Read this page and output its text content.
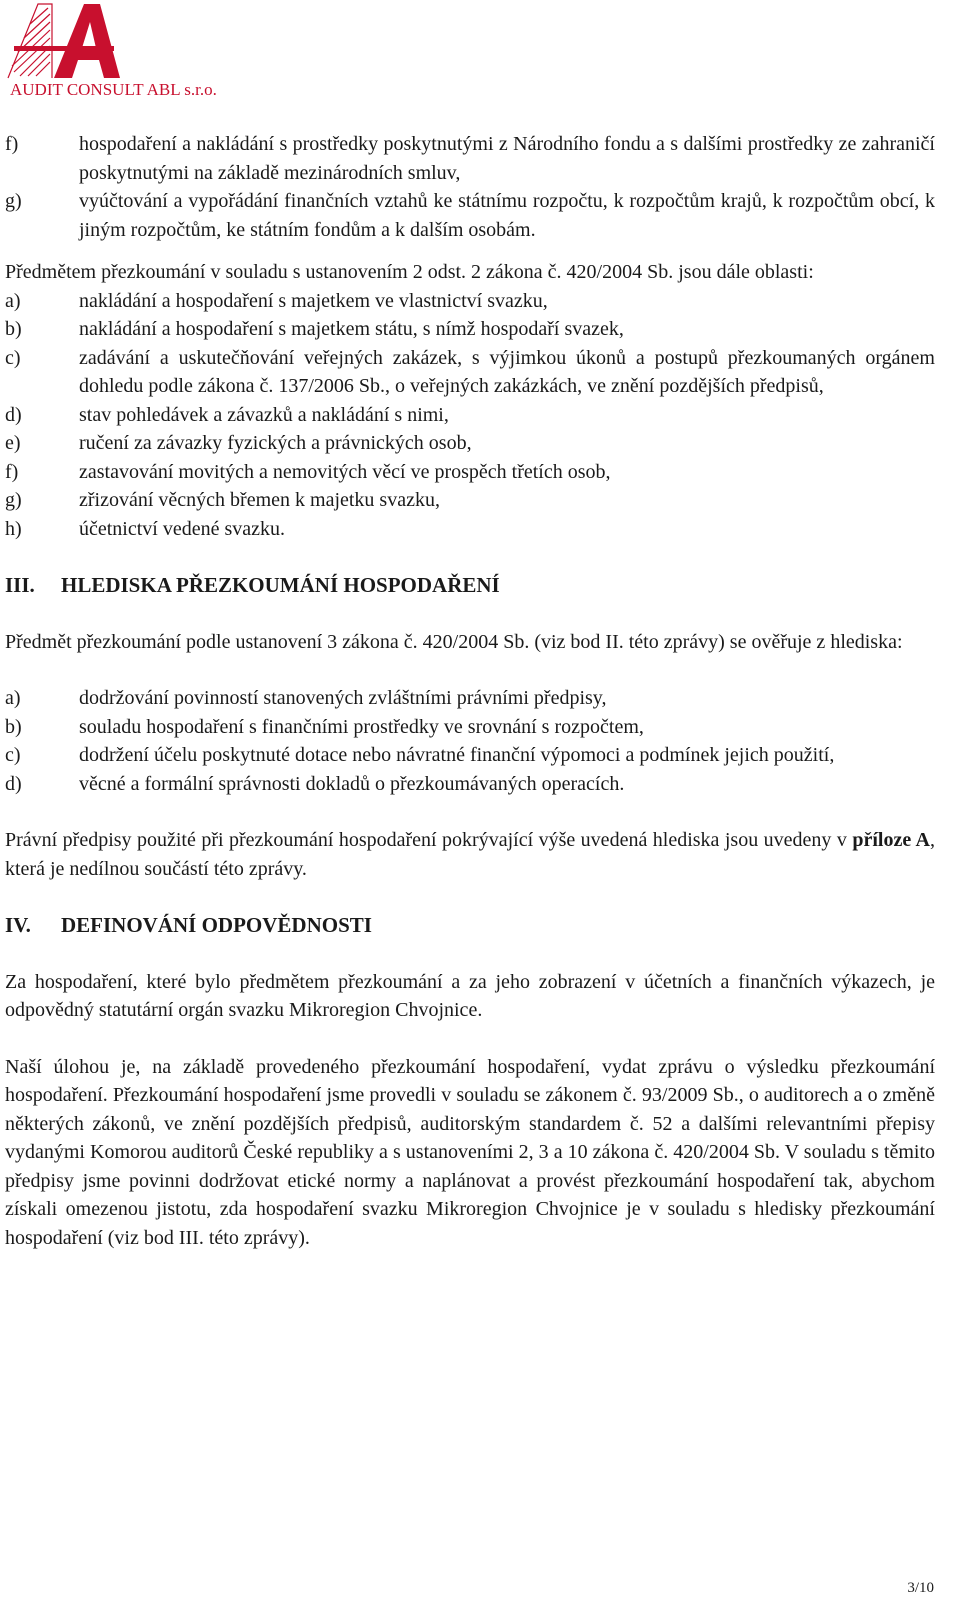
AUDIT CONSULT ABL s.r.o.
f)	hospodaření a nakládání s prostředky poskytnutými z Národního fondu a s dalšími prostředky ze zahraničí poskytnutými na základě mezinárodních smluv,
g)	vyúčtování a vypořádání finančních vztahů ke státnímu rozpočtu, k rozpočtům krajů, k rozpočtům obcí, k jiným rozpočtům, ke státním fondům a k dalším osobám.

Předmětem přezkoumání v souladu s ustanovením 2 odst. 2 zákona č. 420/2004 Sb. jsou dále oblasti:

a)	nakládání a hospodaření s majetkem ve vlastnictví svazku,
b)	nakládání a hospodaření s majetkem státu, s nímž hospodaří svazek,
c)	zadávání a uskutečňování veřejných zakázek, s výjimkou úkonů a postupů přezkoumaných orgánem dohledu podle zákona č. 137/2006 Sb., o veřejných zakázkách, ve znění pozdějších předpisů,
d)	stav pohledávek a závazků a nakládání s nimi,
e)	ručení za závazky fyzických a právnických osob,
f)	zastavování movitých a nemovitých věcí ve prospěch třetích osob,
g)	zřizování věcných břemen k majetku svazku,
h)	účetnictví vedené svazku.
III.	HLEDISKA PŘEZKOUMÁNÍ HOSPODAŘENÍ

Předmět přezkoumání podle ustanovení 3 zákona č. 420/2004 Sb. (viz bod II. této zprávy) se ověřuje z hlediska:

a)	dodržování povinností stanovených zvláštními právními předpisy,
b)	souladu hospodaření s finančními prostředky ve srovnání s rozpočtem,
c)	dodržení účelu poskytnuté dotace nebo návratné finanční výpomoci a podmínek jejich použití,
d)	věcné a formální správnosti dokladů o přezkoumávaných operacích.

Právní předpisy použité při přezkoumání hospodaření pokrývající výše uvedená hlediska jsou uvedeny v příloze A, která je nedílnou součástí této zprávy.

IV.	DEFINOVÁNÍ ODPOVĚDNOSTI

Za hospodaření, které bylo předmětem přezkoumání a za jeho zobrazení v účetních a finančních výkazech, je odpovědný statutární orgán svazku Mikroregion Chvojnice.

Naší úlohou je, na základě provedeného přezkoumání hospodaření, vydat zprávu o výsledku přezkoumání hospodaření. Přezkoumání hospodaření jsme provedli v souladu se zákonem č. 93/2009 Sb., o auditorech a o změně některých zákonů, ve znění pozdějších předpisů, auditorským standardem č. 52 a dalšími relevantními přepisy vydanými Komorou auditorů České republiky a s ustanoveními 2, 3 a 10 zákona č. 420/2004 Sb. V souladu s těmito předpisy jsme povinni dodržovat etické normy a naplánovat a provést přezkoumání hospodaření tak, abychom získali omezenou jistotu, zda hospodaření svazku Mikroregion Chvojnice je v souladu s hledisky přezkoumání hospodaření (viz bod III. této zprávy).

3/10
